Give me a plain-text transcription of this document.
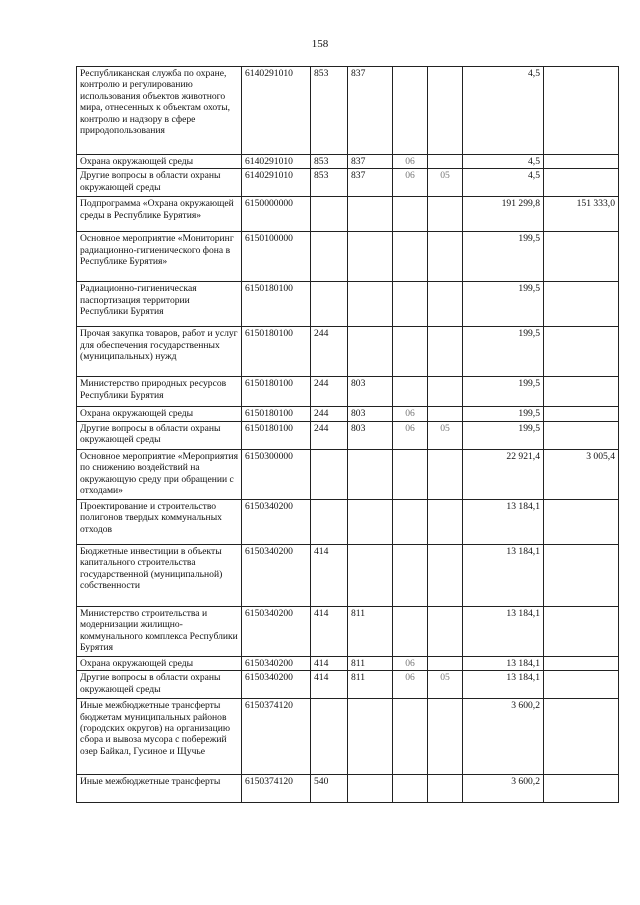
158
Республиканская служба по охране, контролю и регулированию использования объектов животного мира, отнесенных к объектам охоты, контролю и надзору в сфере природопользования	6140291010	853	837			4,5	
Охрана окружающей среды	6140291010	853	837	06		4,5	
Другие вопросы в области охраны окружающей среды	6140291010	853	837	06	05	4,5	
Подпрограмма «Охрана окружающей среды в Республике Бурятия»	6150000000					191 299,8	151 333,0
Основное мероприятие «Мониторинг радиационно-гигиенического фона в Республике Бурятия»	6150100000					199,5	
Радиационно-гигиеническая паспортизация территории Республики Бурятия	6150180100					199,5	
Прочая закупка товаров, работ и услуг для обеспечения государственных (муниципальных) нужд	6150180100	244				199,5	
Министерство природных ресурсов Республики Бурятия	6150180100	244	803			199,5	
Охрана окружающей среды	6150180100	244	803	06		199,5	
Другие вопросы в области охраны окружающей среды	6150180100	244	803	06	05	199,5	
Основное мероприятие «Мероприятия по снижению воздействий на окружающую среду при обращении с отходами»	6150300000					22 921,4	3 005,4
Проектирование и строительство полигонов твердых коммунальных отходов	6150340200					13 184,1	
Бюджетные инвестиции в объекты капитального строительства государственной (муниципальной) собственности	6150340200	414				13 184,1	
Министерство строительства и модернизации жилищно-коммунального комплекса Республики Бурятия	6150340200	414	811			13 184,1	
Охрана окружающей среды	6150340200	414	811	06		13 184,1	
Другие вопросы в области охраны окружающей среды	6150340200	414	811	06	05	13 184,1	
Иные межбюджетные трансферты бюджетам муниципальных районов (городских округов) на организацию сбора и вывоза мусора с побережий озер Байкал, Гусиное и Щучье	6150374120					3 600,2	
Иные межбюджетные трансферты	6150374120	540				3 600,2	
